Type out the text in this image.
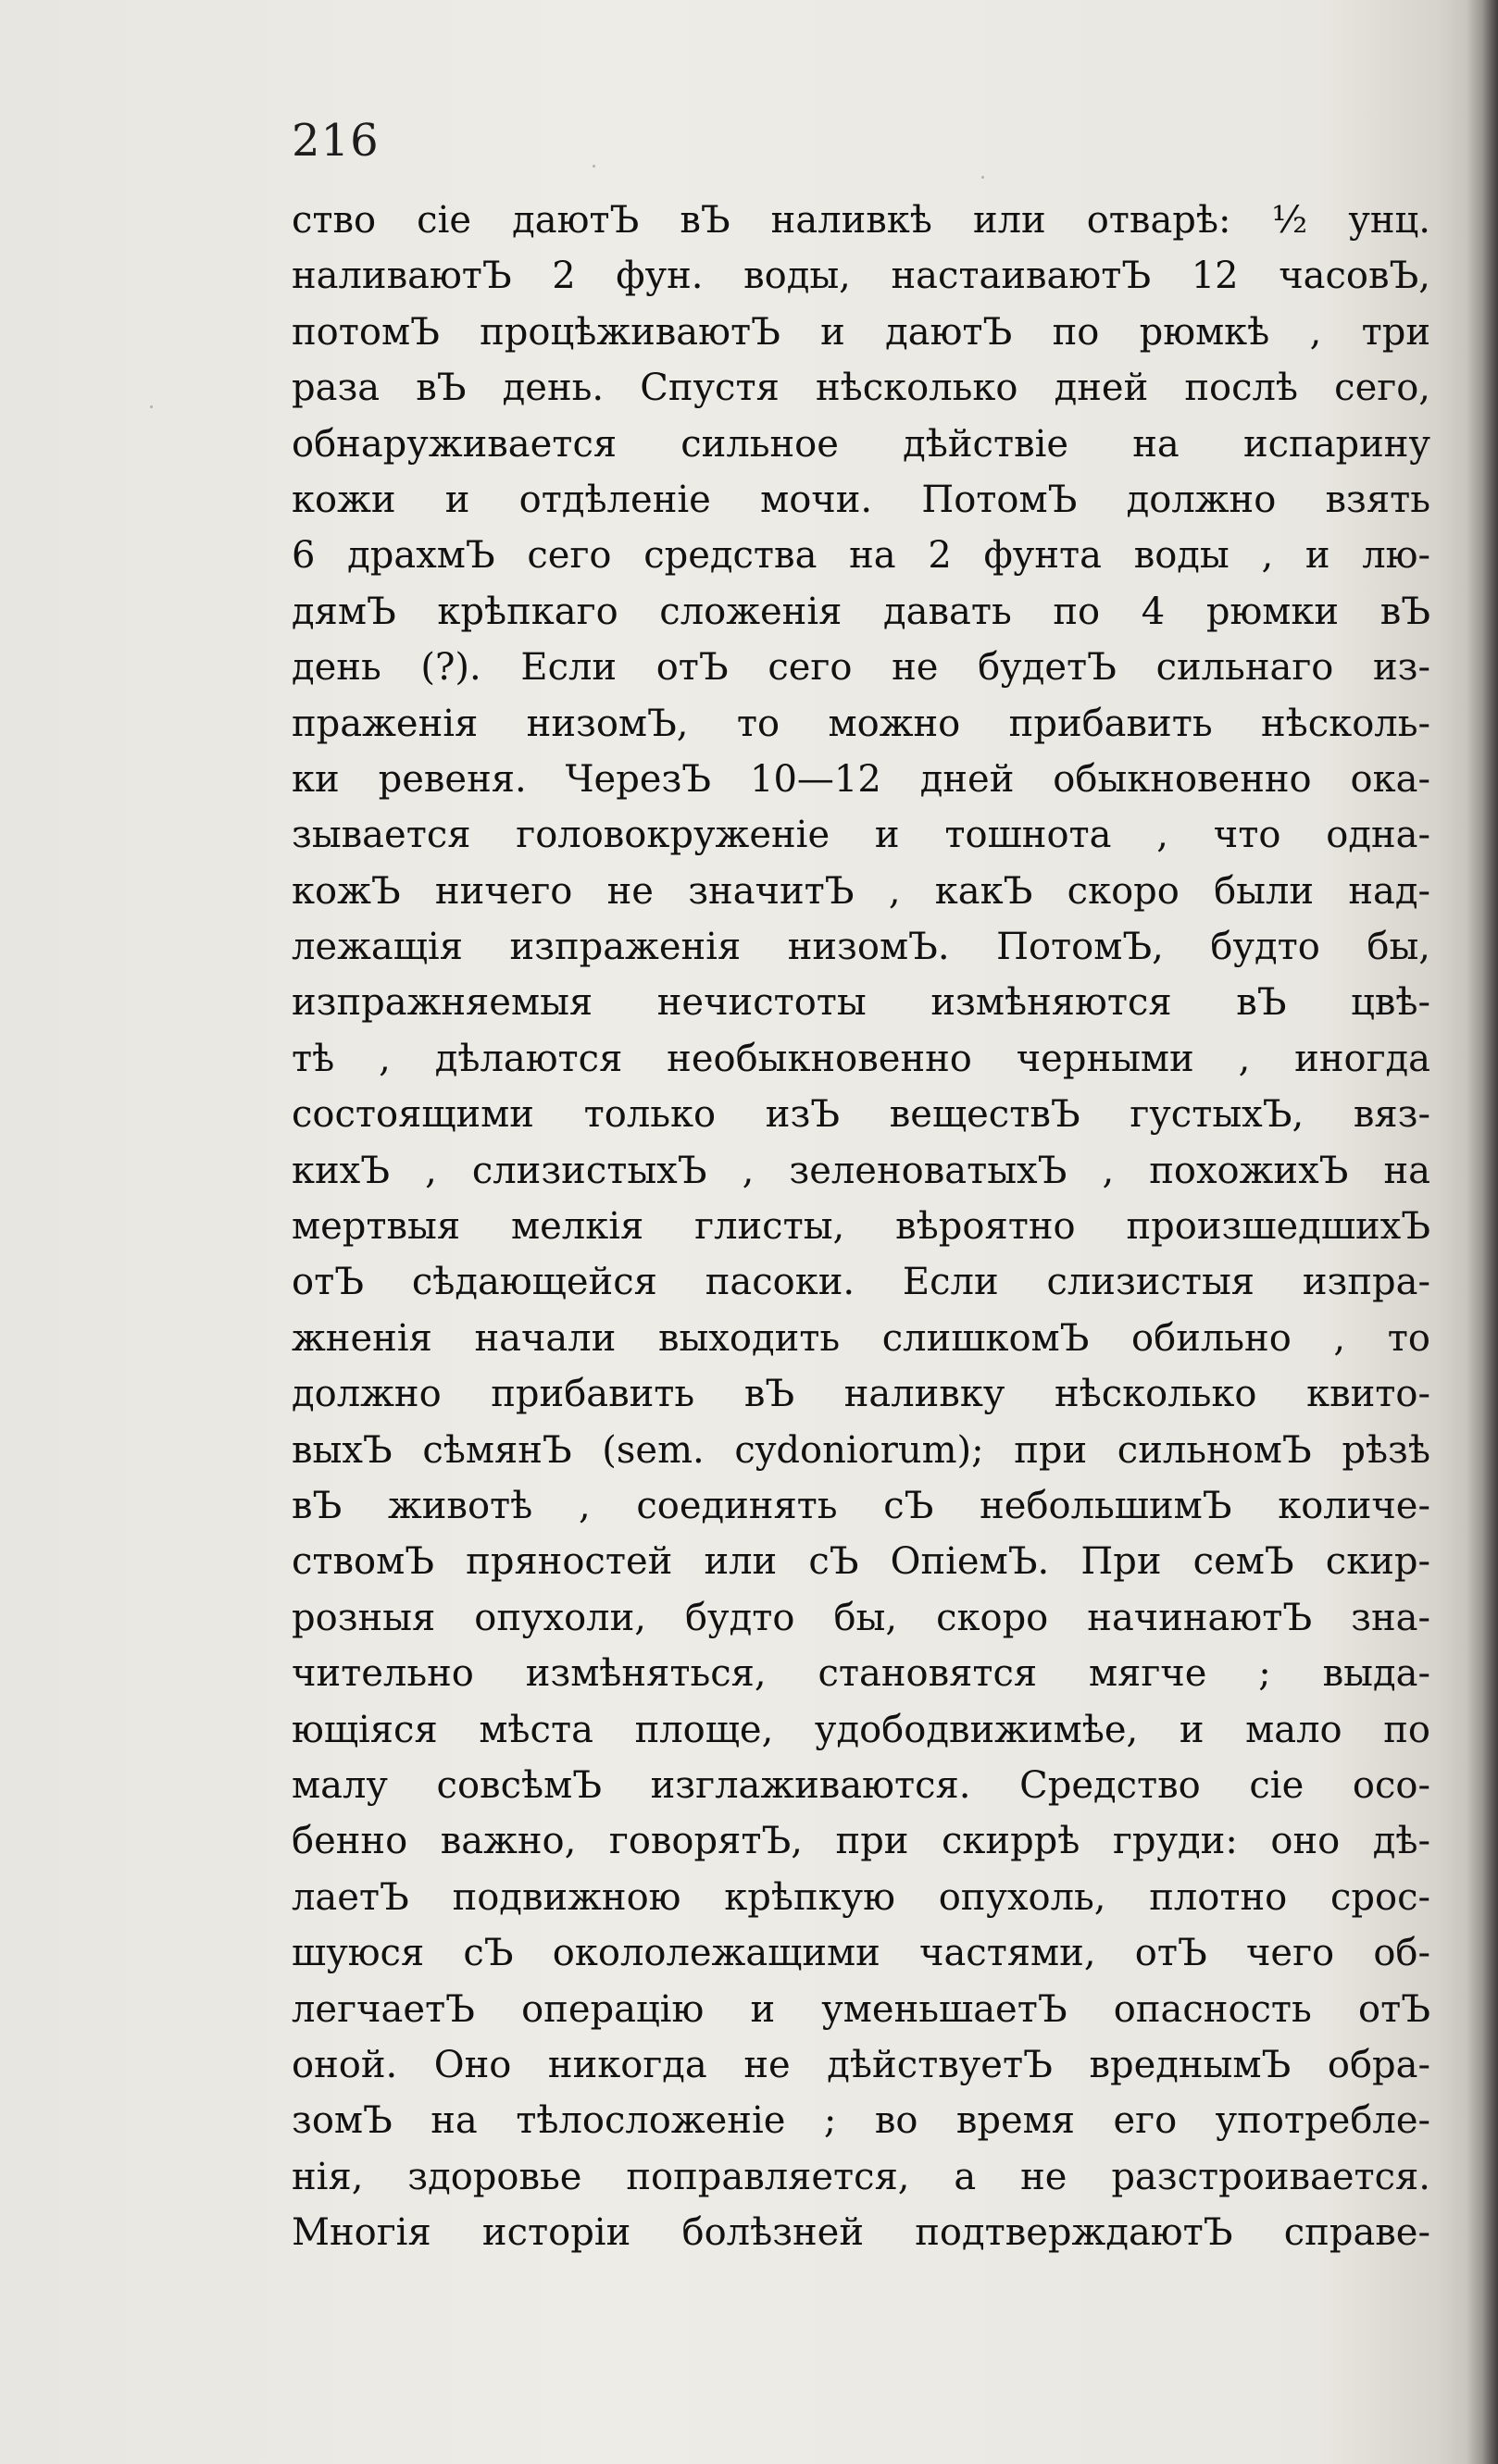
216
ство сiе даютЪ вЪ наливкѣ или отварѣ: ½ унц.
наливаютЪ 2 фун. воды, настаиваютЪ 12 часовЪ,
потомЪ процѣживаютЪ и даютЪ по рюмкѣ , три
раза вЪ день. Спустя нѣсколько дней послѣ сего,
обнаруживается сильное дѣйствiе на испарину
кожи и отдѣленiе мочи. ПотомЪ должно взять
6 драхмЪ сего средства на 2 фунта воды , и лю-
дямЪ крѣпкаго сложенiя давать по 4 рюмки вЪ
день (?). Если отЪ сего не будетЪ сильнаго из-
праженiя низомЪ, то можно прибавить нѣсколь-
ки ревеня. ЧерезЪ 10—12 дней обыкновенно ока-
зывается головокруженiе и тошнота , что одна-
кожЪ ничего не значитЪ , какЪ скоро были над-
лежащiя изпраженiя низомЪ. ПотомЪ, будто бы,
изпражняемыя нечистоты измѣняются вЪ цвѣ-
тѣ , дѣлаются необыкновенно черными , иногда
состоящими только изЪ веществЪ густыхЪ, вяз-
кихЪ , слизистыхЪ , зеленоватыхЪ , похожихЪ на
мертвыя мелкiя глисты, вѣроятно произшедшихЪ
отЪ сѣдающейся пасоки. Если слизистыя изпра-
жненiя начали выходить слишкомЪ обильно , то
должно прибавить вЪ наливку нѣсколько квито-
выхЪ сѣмянЪ (sem. cydoniorum); при сильномЪ рѣзѣ
вЪ животѣ , соединять сЪ небольшимЪ количе-
ствомЪ пряностей или сЪ ОпiемЪ. При семЪ скир-
розныя опухоли, будто бы, скоро начинаютЪ зна-
чительно измѣняться, становятся мягче ; выда-
ющiяся мѣста площе, удободвижимѣе, и мало по
малу совсѣмЪ изглаживаются. Средство сiе осо-
бенно важно, говорятЪ, при скиррѣ груди: оно дѣ-
лаетЪ подвижною крѣпкую опухоль, плотно срос-
шуюся сЪ окололежащими частями, отЪ чего об-
легчаетЪ операцiю и уменьшаетЪ опасность отЪ
оной. Оно никогда не дѣйствуетЪ вреднымЪ обра-
зомЪ на тѣлосложенiе ; во время его употребле-
нiя, здоровье поправляется, а не разстроивается.
Многiя исторiи болѣзней подтверждаютЪ справе-
